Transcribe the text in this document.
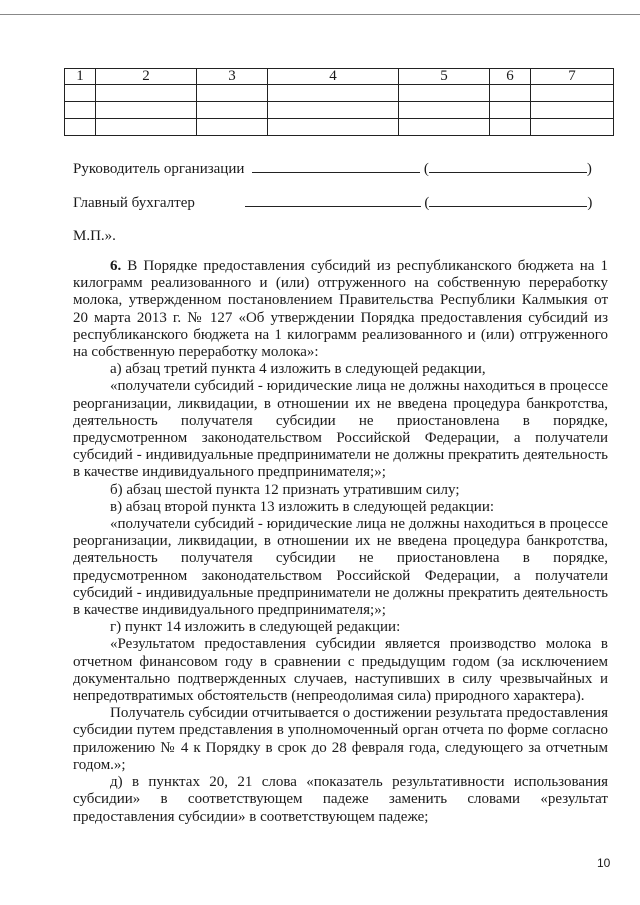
1	2	3	4	5	6	7

Руководитель организации	(	)
Главный бухгалтер	(	)
М.П.».

6. В Порядке предоставления субсидий из республиканского бюджета на 1 килограмм реализованного и (или) отгруженного на собственную переработку молока, утвержденном постановлением Правительства Республики Калмыкия от 20 марта 2013 г. № 127 «Об утверждении Порядка предоставления субсидий из республиканского бюджета на 1 килограмм реализованного и (или) отгруженного на собственную переработку молока»:

а) абзац третий пункта 4 изложить в следующей редакции,

«получатели субсидий - юридические лица не должны находиться в процессе реорганизации, ликвидации, в отношении их не введена процедура банкротства, деятельность получателя субсидии не приостановлена в порядке, предусмотренном законодательством Российской Федерации, а получатели субсидий - индивидуальные предприниматели не должны прекратить деятельность в качестве индивидуального предпринимателя;»;

б) абзац шестой пункта 12 признать утратившим силу;

в) абзац второй пункта 13 изложить в следующей редакции:

«получатели субсидий - юридические лица не должны находиться в процессе реорганизации, ликвидации, в отношении их не введена процедура банкротства, деятельность получателя субсидии не приостановлена в порядке, предусмотренном законодательством Российской Федерации, а получатели субсидий - индивидуальные предприниматели не должны прекратить деятельность в качестве индивидуального предпринимателя;»;

г) пункт 14 изложить в следующей редакции:

«Результатом предоставления субсидии является производство молока в отчетном финансовом году в сравнении с предыдущим годом (за исключением документально подтвержденных случаев, наступивших в силу чрезвычайных и непредотвратимых обстоятельств (непреодолимая сила) природного характера).

Получатель субсидии отчитывается о достижении результата предоставления субсидии путем представления в уполномоченный орган отчета по форме согласно приложению № 4 к Порядку в срок до 28 февраля года, следующего за отчетным годом.»;

д) в пунктах 20, 21 слова «показатель результативности использования субсидии» в соответствующем падеже заменить словами «результат предоставления субсидии» в соответствующем падеже;

10
